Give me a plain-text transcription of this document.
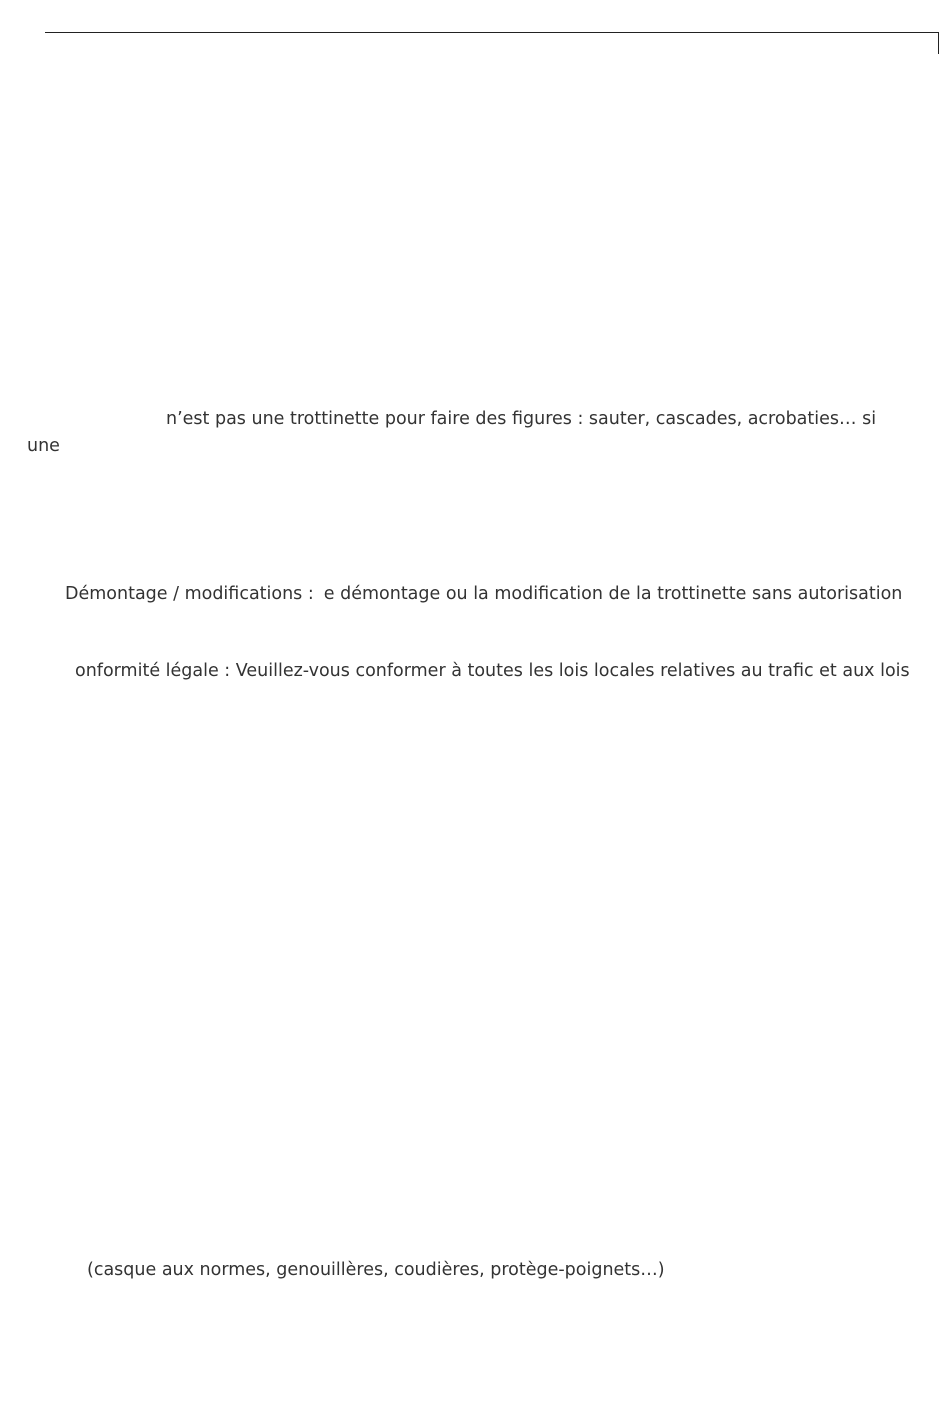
n’est pas une trottinette pour faire des figures : sauter, cascades, acrobaties… si
une
Démontage / modifications : e démontage ou la modification de la trottinette sans autorisation
onformité légale : Veuillez-vous conformer à toutes les lois locales relatives au trafic et aux lois
(casque aux normes, genouillères, coudières, protège-poignets…)
